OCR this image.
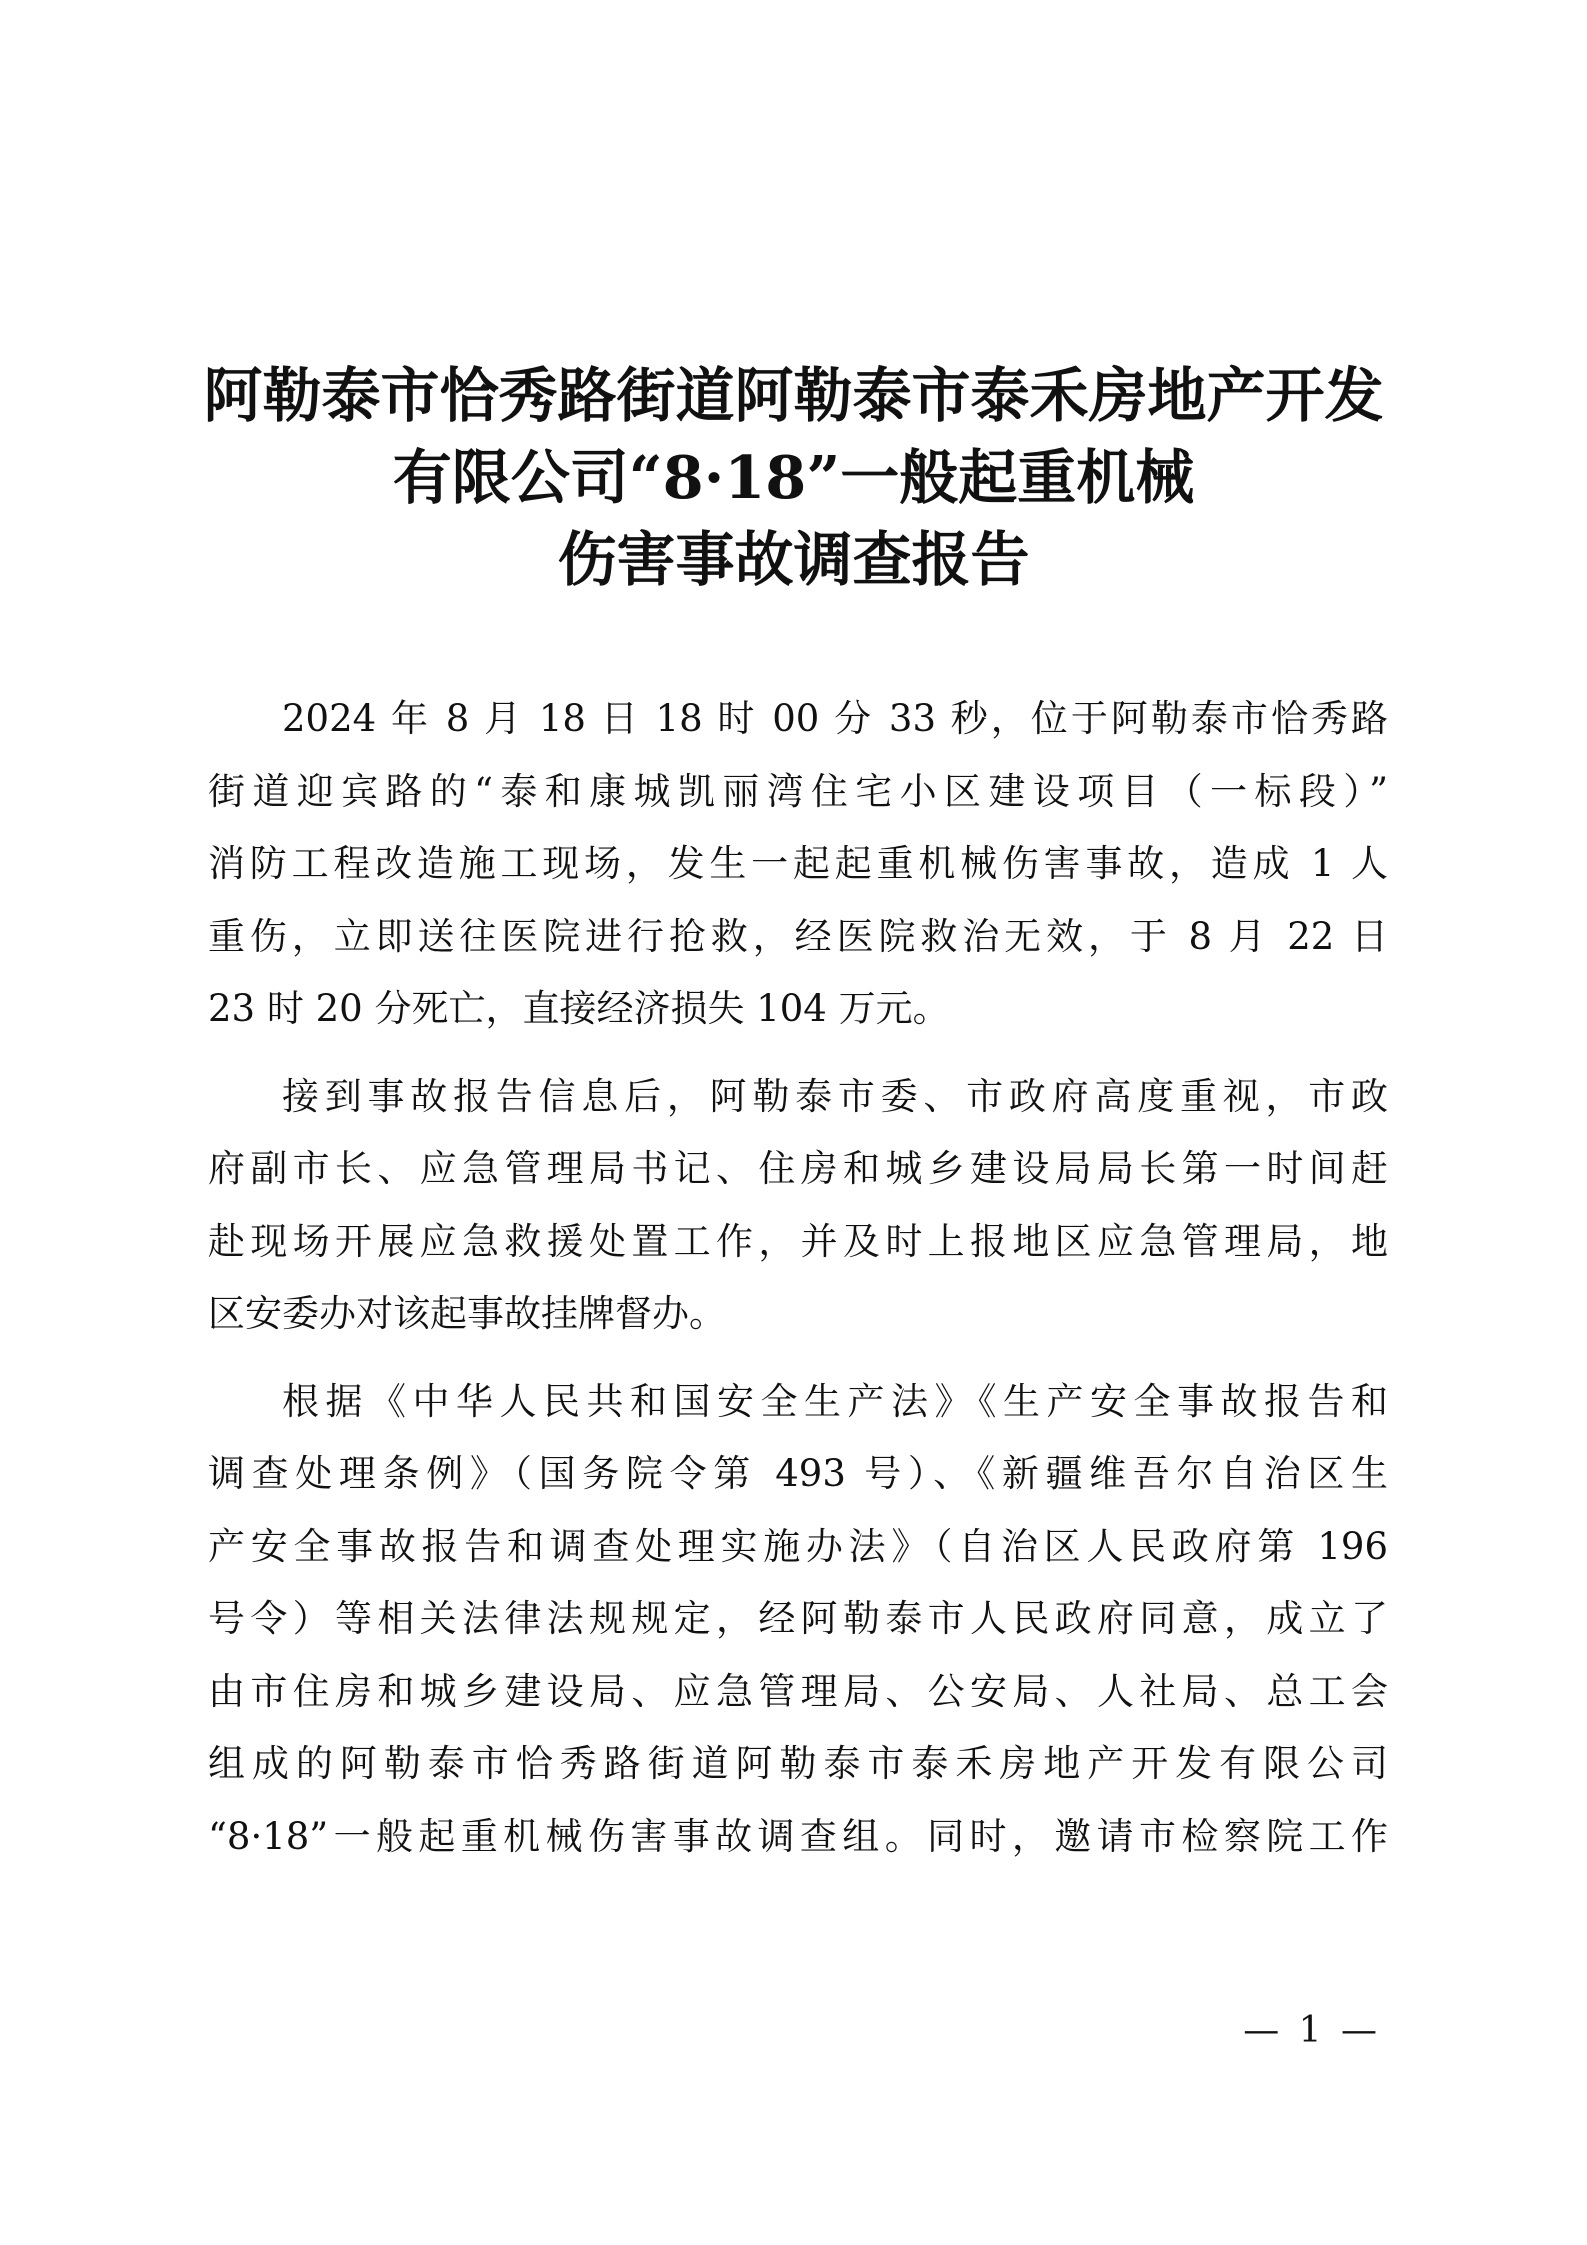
阿勒泰市恰秀路街道阿勒泰市泰禾房地产开发
有限公司“8·18”一般起重机械
伤害事故调查报告

2024 年 8 月 18 日 18 时 00 分 33 秒，位于阿勒泰市恰秀路
街道迎宾路的“泰和康城凯丽湾住宅小区建设项目（一标段）”
消防工程改造施工现场，发生一起起重机械伤害事故，造成 1 人
重伤，立即送往医院进行抢救，经医院救治无效，于 8 月 22 日
23 时 20 分死亡，直接经济损失 104 万元。

接到事故报告信息后，阿勒泰市委、市政府高度重视，市政
府副市长、应急管理局书记、住房和城乡建设局局长第一时间赶
赴现场开展应急救援处置工作，并及时上报地区应急管理局，地
区安委办对该起事故挂牌督办。

根据《中华人民共和国安全生产法》《生产安全事故报告和
调查处理条例》（国务院令第 493 号）、《新疆维吾尔自治区生
产安全事故报告和调查处理实施办法》（自治区人民政府第 196
号令）等相关法律法规规定，经阿勒泰市人民政府同意，成立了
由市住房和城乡建设局、应急管理局、公安局、人社局、总工会
组成的阿勒泰市恰秀路街道阿勒泰市泰禾房地产开发有限公司
“8·18”一般起重机械伤害事故调查组。同时，邀请市检察院工作

— 1 —
